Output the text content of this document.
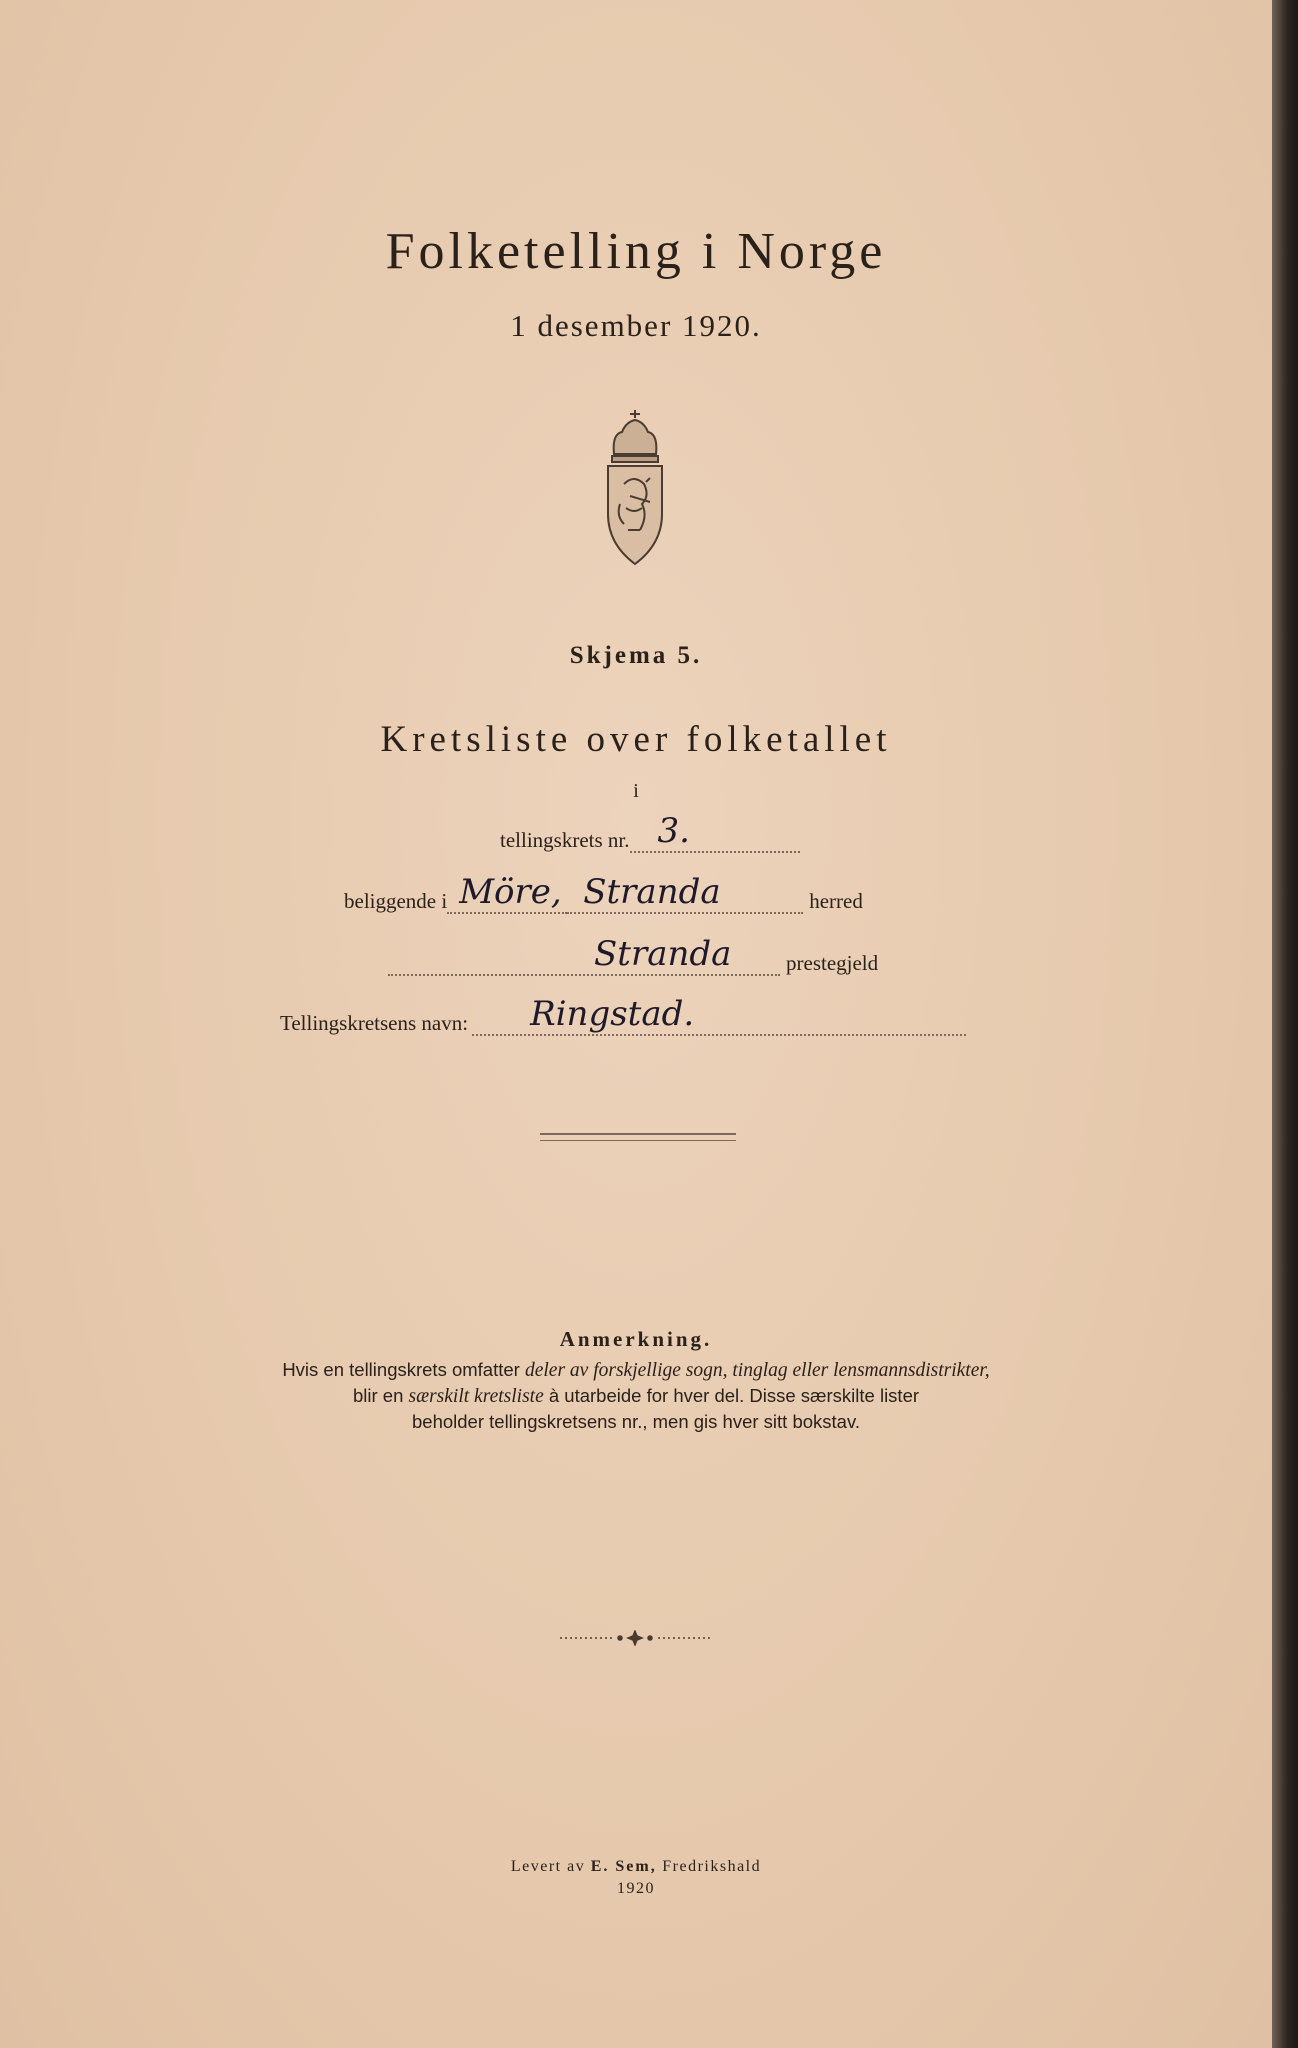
Folketelling i Norge
1 desember 1920.
Skjema 5.
Kretsliste over folketallet
i
tellingskrets nr. 3.
beliggende i Möre, Stranda	herred
Stranda	prestegjeld
Tellingskretsens navn: Ringstad.
Anmerkning.
Hvis en tellingskrets omfatter deler av forskjellige sogn, tinglag eller lensmannsdistrikter,
blir en særskilt kretsliste à utarbeide for hver del. Disse særskilte lister
beholder tellingskretsens nr., men gis hver sitt bokstav.
Levert av E. Sem, Fredrikshald
1920
